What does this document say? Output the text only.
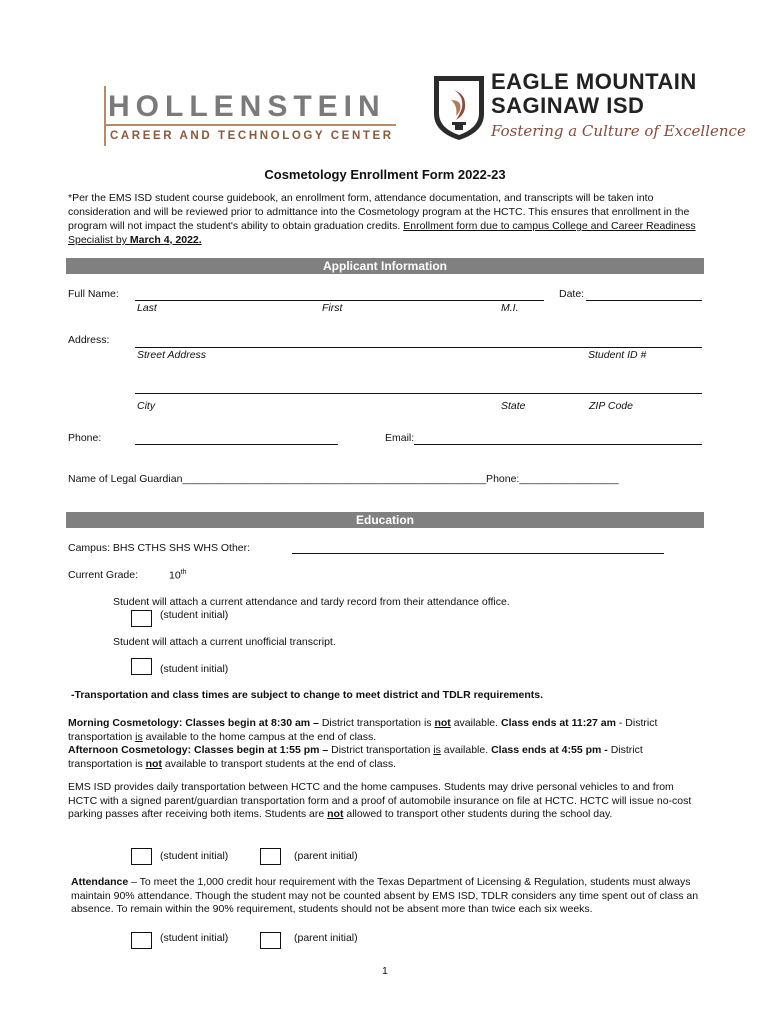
HOLLENSTEIN
CAREER AND TECHNOLOGY CENTER
EAGLE MOUNTAIN
SAGINAW ISD
Fostering a Culture of Excellence
Cosmetology Enrollment Form 2022-23
*Per the EMS ISD student course guidebook, an enrollment form, attendance documentation, and transcripts will be taken into consideration and will be reviewed prior to admittance into the Cosmetology program at the HCTC. This ensures that enrollment in the program will not impact the student's ability to obtain graduation credits. Enrollment form due to campus College and Career Readiness Specialist by March 4, 2022.
Applicant Information
Full Name:
Last	First	M.I.
Date:
Address:
Street Address	Student ID #
City	State	ZIP Code
Phone:	Email:
Name of Legal Guardian____________________________________________________Phone:_________________
Education
Campus: BHS CTHS SHS WHS Other:
Current Grade:	10th
Student will attach a current attendance and tardy record from their attendance office.
(student initial)
Student will attach a current unofficial transcript.
(student initial)
-Transportation and class times are subject to change to meet district and TDLR requirements.
Morning Cosmetology: Classes begin at 8:30 am – District transportation is not available. Class ends at 11:27 am - District transportation is available to the home campus at the end of class.
Afternoon Cosmetology: Classes begin at 1:55 pm – District transportation is available. Class ends at 4:55 pm - District transportation is not available to transport students at the end of class.
EMS ISD provides daily transportation between HCTC and the home campuses. Students may drive personal vehicles to and from HCTC with a signed parent/guardian transportation form and a proof of automobile insurance on file at HCTC. HCTC will issue no-cost parking passes after receiving both items. Students are not allowed to transport other students during the school day.
(student initial)	(parent initial)
Attendance – To meet the 1,000 credit hour requirement with the Texas Department of Licensing & Regulation, students must always maintain 90% attendance. Though the student may not be counted absent by EMS ISD, TDLR considers any time spent out of class an absence. To remain within the 90% requirement, students should not be absent more than twice each six weeks.
(student initial)	(parent initial)
1
